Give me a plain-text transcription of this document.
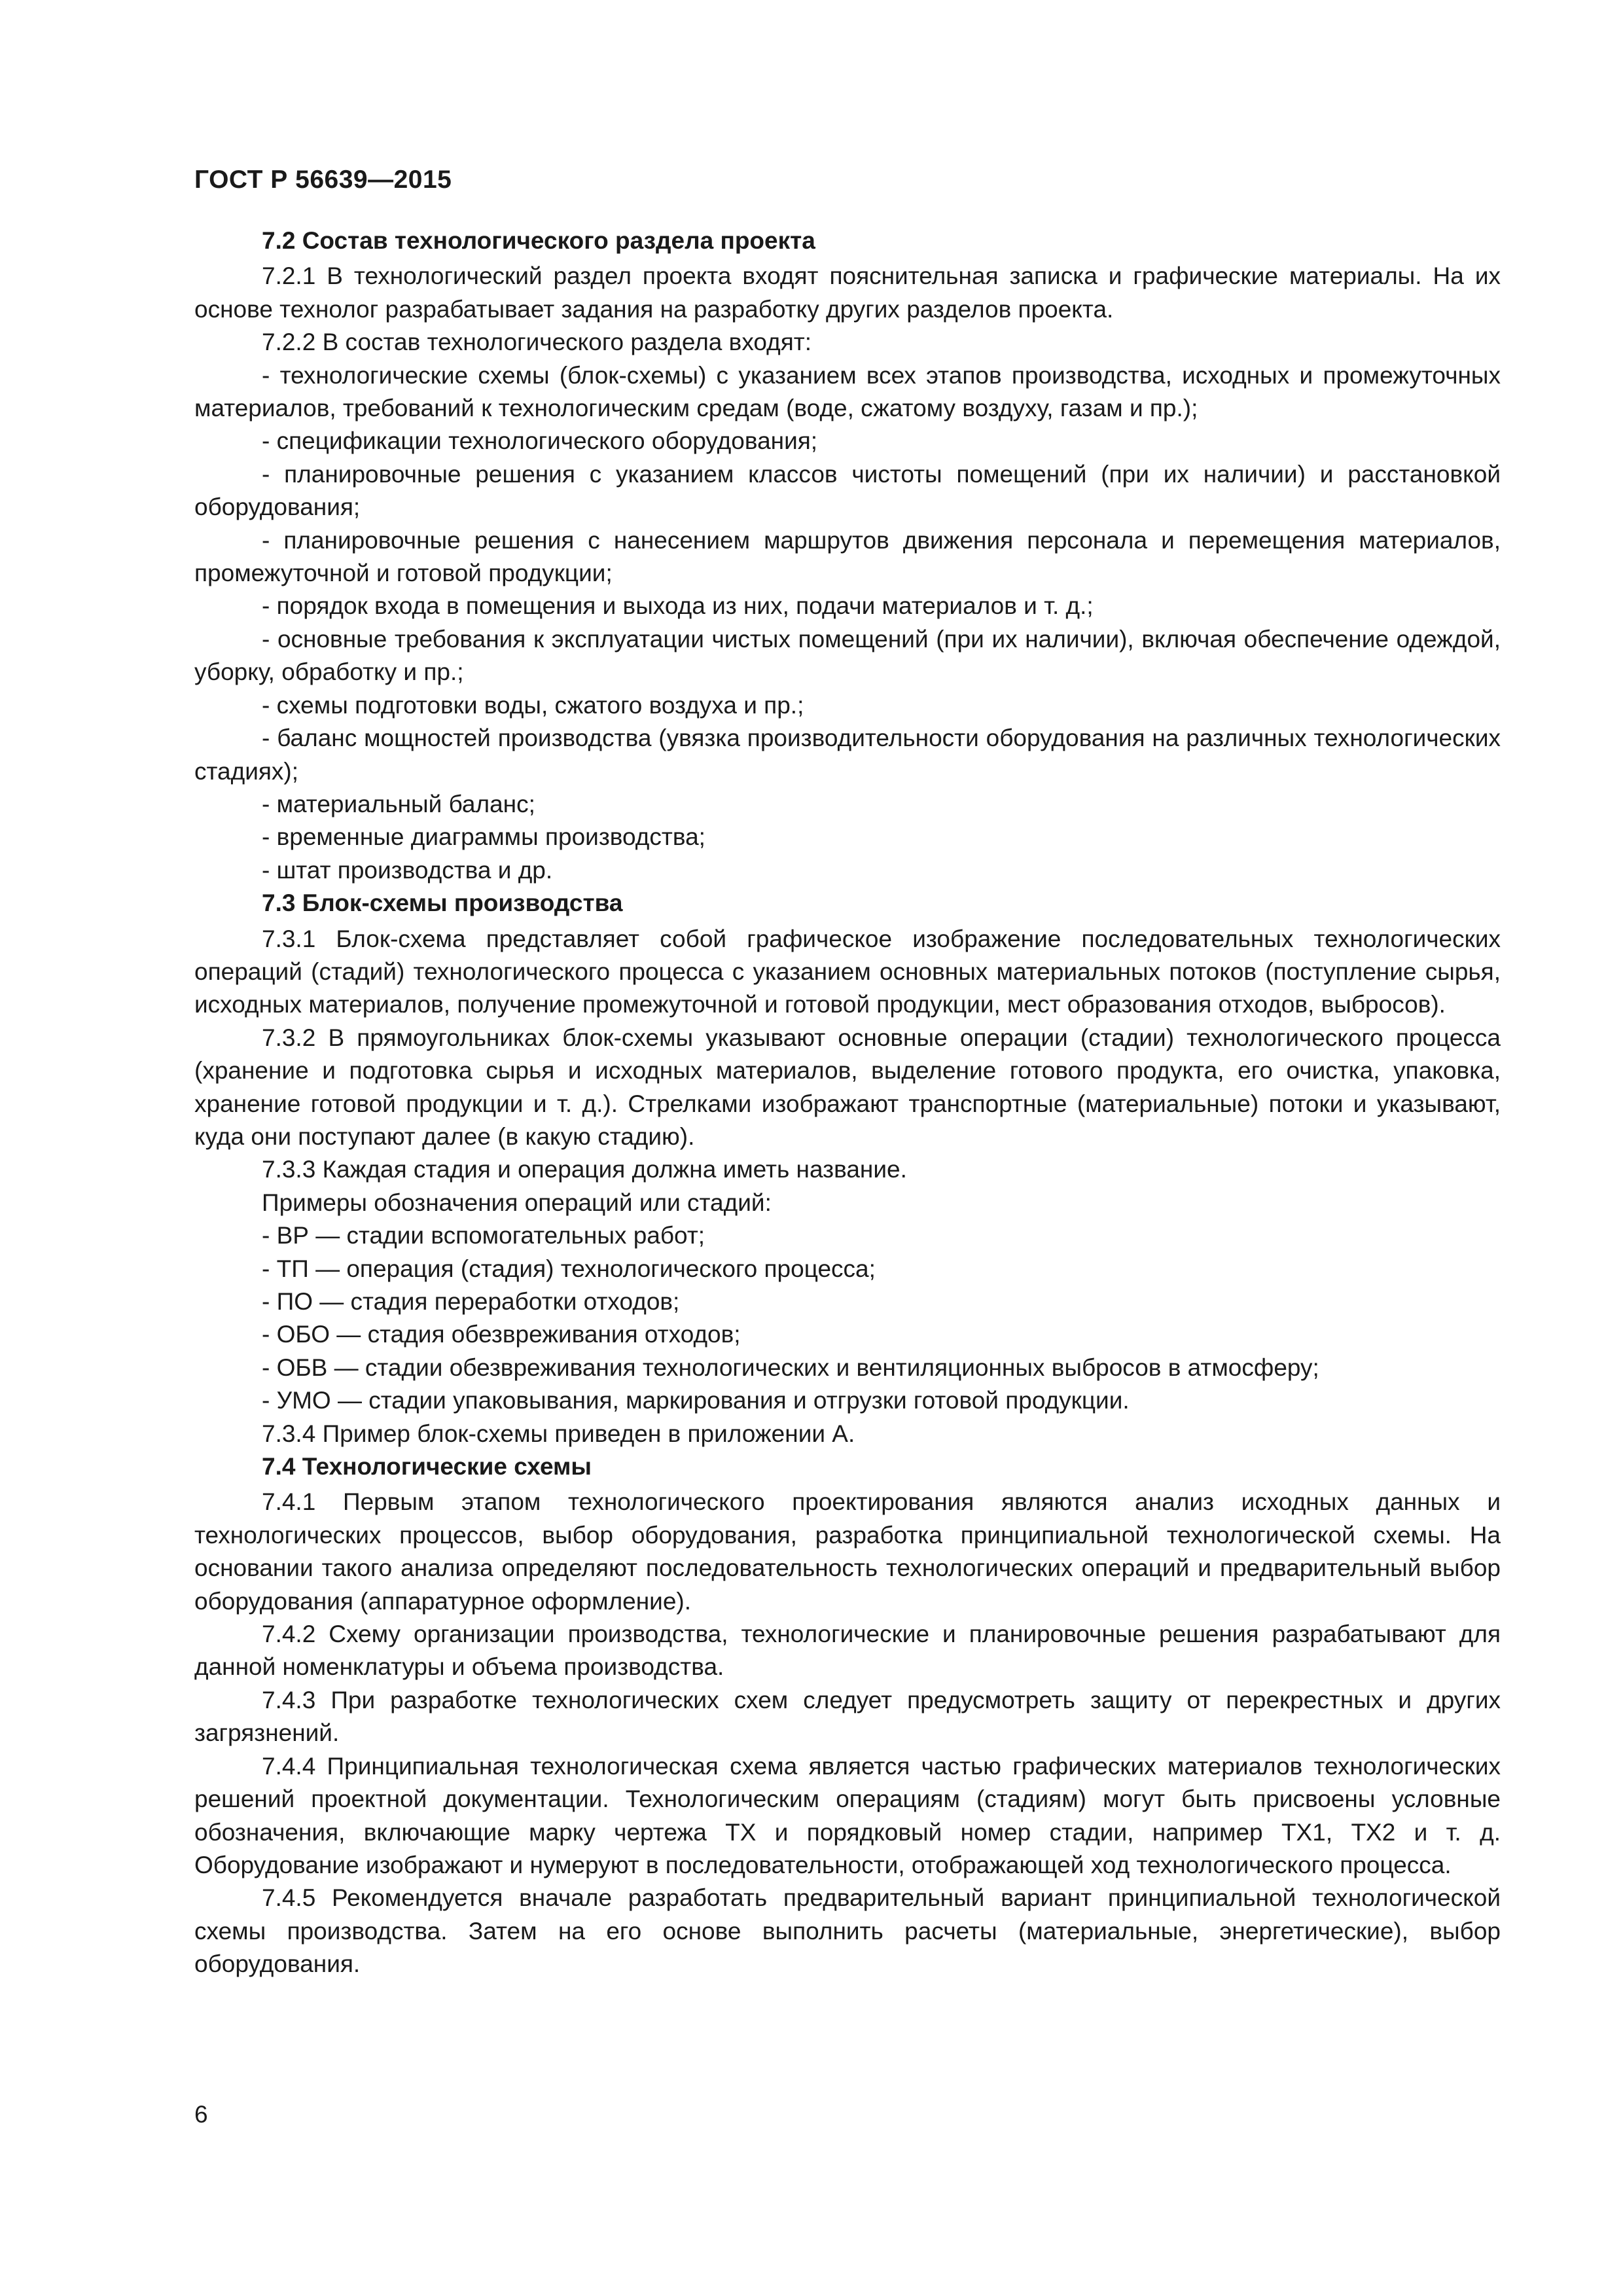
ГОСТ Р 56639—2015

7.2 Состав технологического раздела проекта

7.2.1 В технологический раздел проекта входят пояснительная записка и графические материалы. На их основе технолог разрабатывает задания на разработку других разделов проекта.

7.2.2 В состав технологического раздела входят:

- технологические схемы (блок-схемы) с указанием всех этапов производства, исходных и промежуточных материалов, требований к технологическим средам (воде, сжатому воздуху, газам и пр.);

- спецификации технологического оборудования;

- планировочные решения с указанием классов чистоты помещений (при их наличии) и расстановкой оборудования;

- планировочные решения с нанесением маршрутов движения персонала и перемещения материалов, промежуточной и готовой продукции;

- порядок входа в помещения и выхода из них, подачи материалов и т. д.;

- основные требования к эксплуатации чистых помещений (при их наличии), включая обеспечение одеждой, уборку, обработку и пр.;

- схемы подготовки воды, сжатого воздуха и пр.;

- баланс мощностей производства (увязка производительности оборудования на различных технологических стадиях);

- материальный баланс;

- временные диаграммы производства;

- штат производства и др.

7.3 Блок-схемы производства

7.3.1 Блок-схема представляет собой графическое изображение последовательных технологических операций (стадий) технологического процесса с указанием основных материальных потоков (поступление сырья, исходных материалов, получение промежуточной и готовой продукции, мест образования отходов, выбросов).

7.3.2 В прямоугольниках блок-схемы указывают основные операции (стадии) технологического процесса (хранение и подготовка сырья и исходных материалов, выделение готового продукта, его очистка, упаковка, хранение готовой продукции и т. д.). Стрелками изображают транспортные (материальные) потоки и указывают, куда они поступают далее (в какую стадию).

7.3.3 Каждая стадия и операция должна иметь название.

Примеры обозначения операций или стадий:

- ВР — стадии вспомогательных работ;

- ТП — операция (стадия) технологического процесса;

- ПО — стадия переработки отходов;

- ОБО — стадия обезвреживания отходов;

- ОБВ — стадии обезвреживания технологических и вентиляционных выбросов в атмосферу;

- УМО — стадии упаковывания, маркирования и отгрузки готовой продукции.

7.3.4 Пример блок-схемы приведен в приложении А.

7.4 Технологические схемы

7.4.1 Первым этапом технологического проектирования являются анализ исходных данных и технологических процессов, выбор оборудования, разработка принципиальной технологической схемы. На основании такого анализа определяют последовательность технологических операций и предварительный выбор оборудования (аппаратурное оформление).

7.4.2 Схему организации производства, технологические и планировочные решения разрабатывают для данной номенклатуры и объема производства.

7.4.3 При разработке технологических схем следует предусмотреть защиту от перекрестных и других загрязнений.

7.4.4 Принципиальная технологическая схема является частью графических материалов технологических решений проектной документации. Технологическим операциям (стадиям) могут быть присвоены условные обозначения, включающие марку чертежа ТХ и порядковый номер стадии, например ТХ1, ТХ2 и т. д. Оборудование изображают и нумеруют в последовательности, отображающей ход технологического процесса.

7.4.5 Рекомендуется вначале разработать предварительный вариант принципиальной технологической схемы производства. Затем на его основе выполнить расчеты (материальные, энергетические), выбор оборудования.

6
